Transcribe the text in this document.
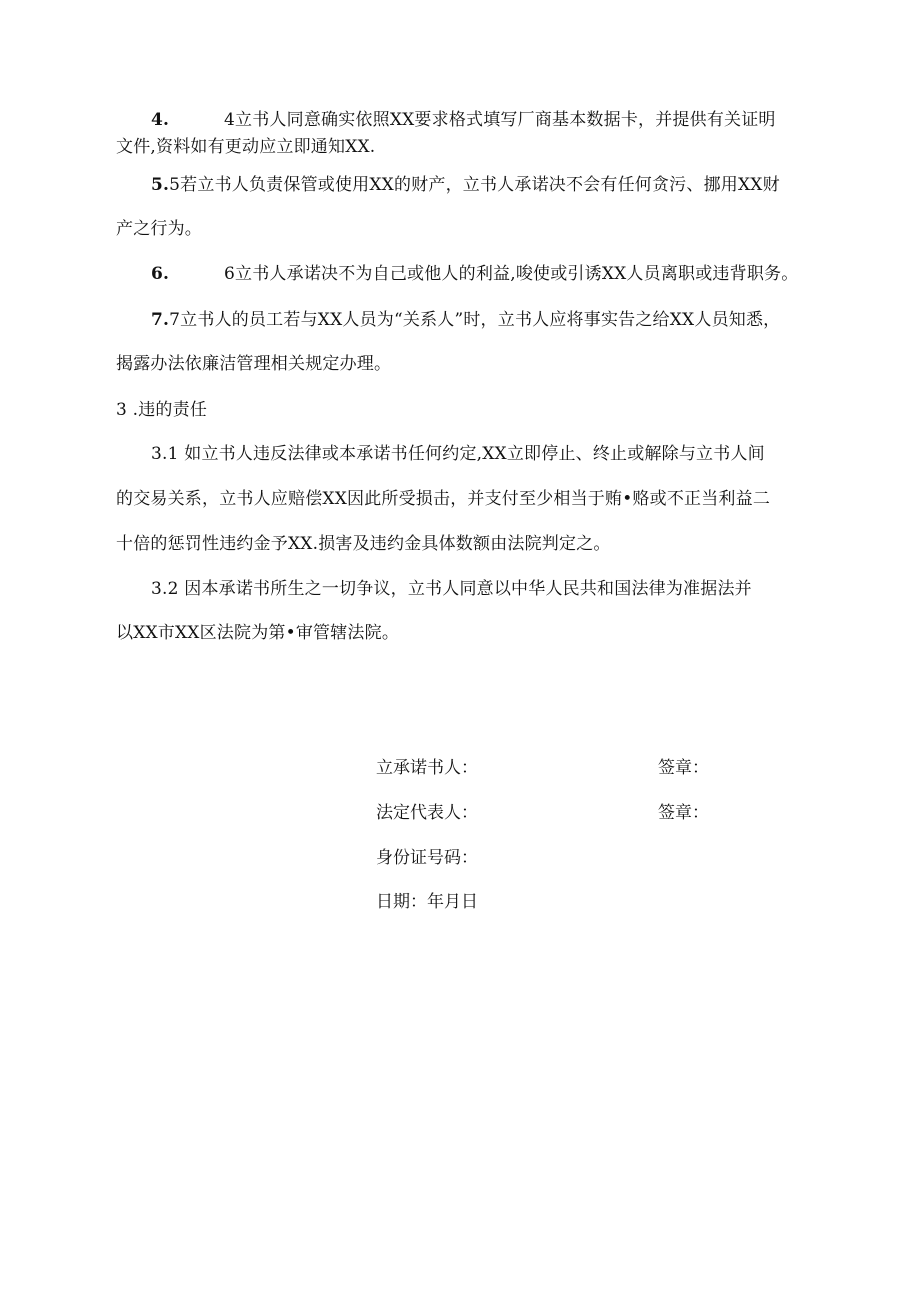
4.	4立书人同意确实依照XX要求格式填写厂商基本数据卡，并提供有关证明
文件,资料如有更动应立即通知XX.
5.5若立书人负责保管或使用XX的财产，立书人承诺决不会有任何贪污、挪用XX财
产之行为。
6.	6立书人承诺决不为自己或他人的利益,唆使或引诱XX人员离职或违背职务。
7.7立书人的员工若与XX人员为“关系人”时，立书人应将事实告之给XX人员知悉，
揭露办法依廉洁管理相关规定办理。
3 .违的责任
3.1 如立书人违反法律或本承诺书任何约定,XX立即停止、终止或解除与立书人间
的交易关系，立书人应赔偿XX因此所受损击，并支付至少相当于贿•赂或不正当利益二
十倍的惩罚性违约金予XX.损害及违约金具体数额由法院判定之。
3.2 因本承诺书所生之一切争议，立书人同意以中华人民共和国法律为准据法并
以XX市XX区法院为第•审管辖法院。
立承诺书人：	签章：
法定代表人：	签章：
身份证号码：
日期：年月日
